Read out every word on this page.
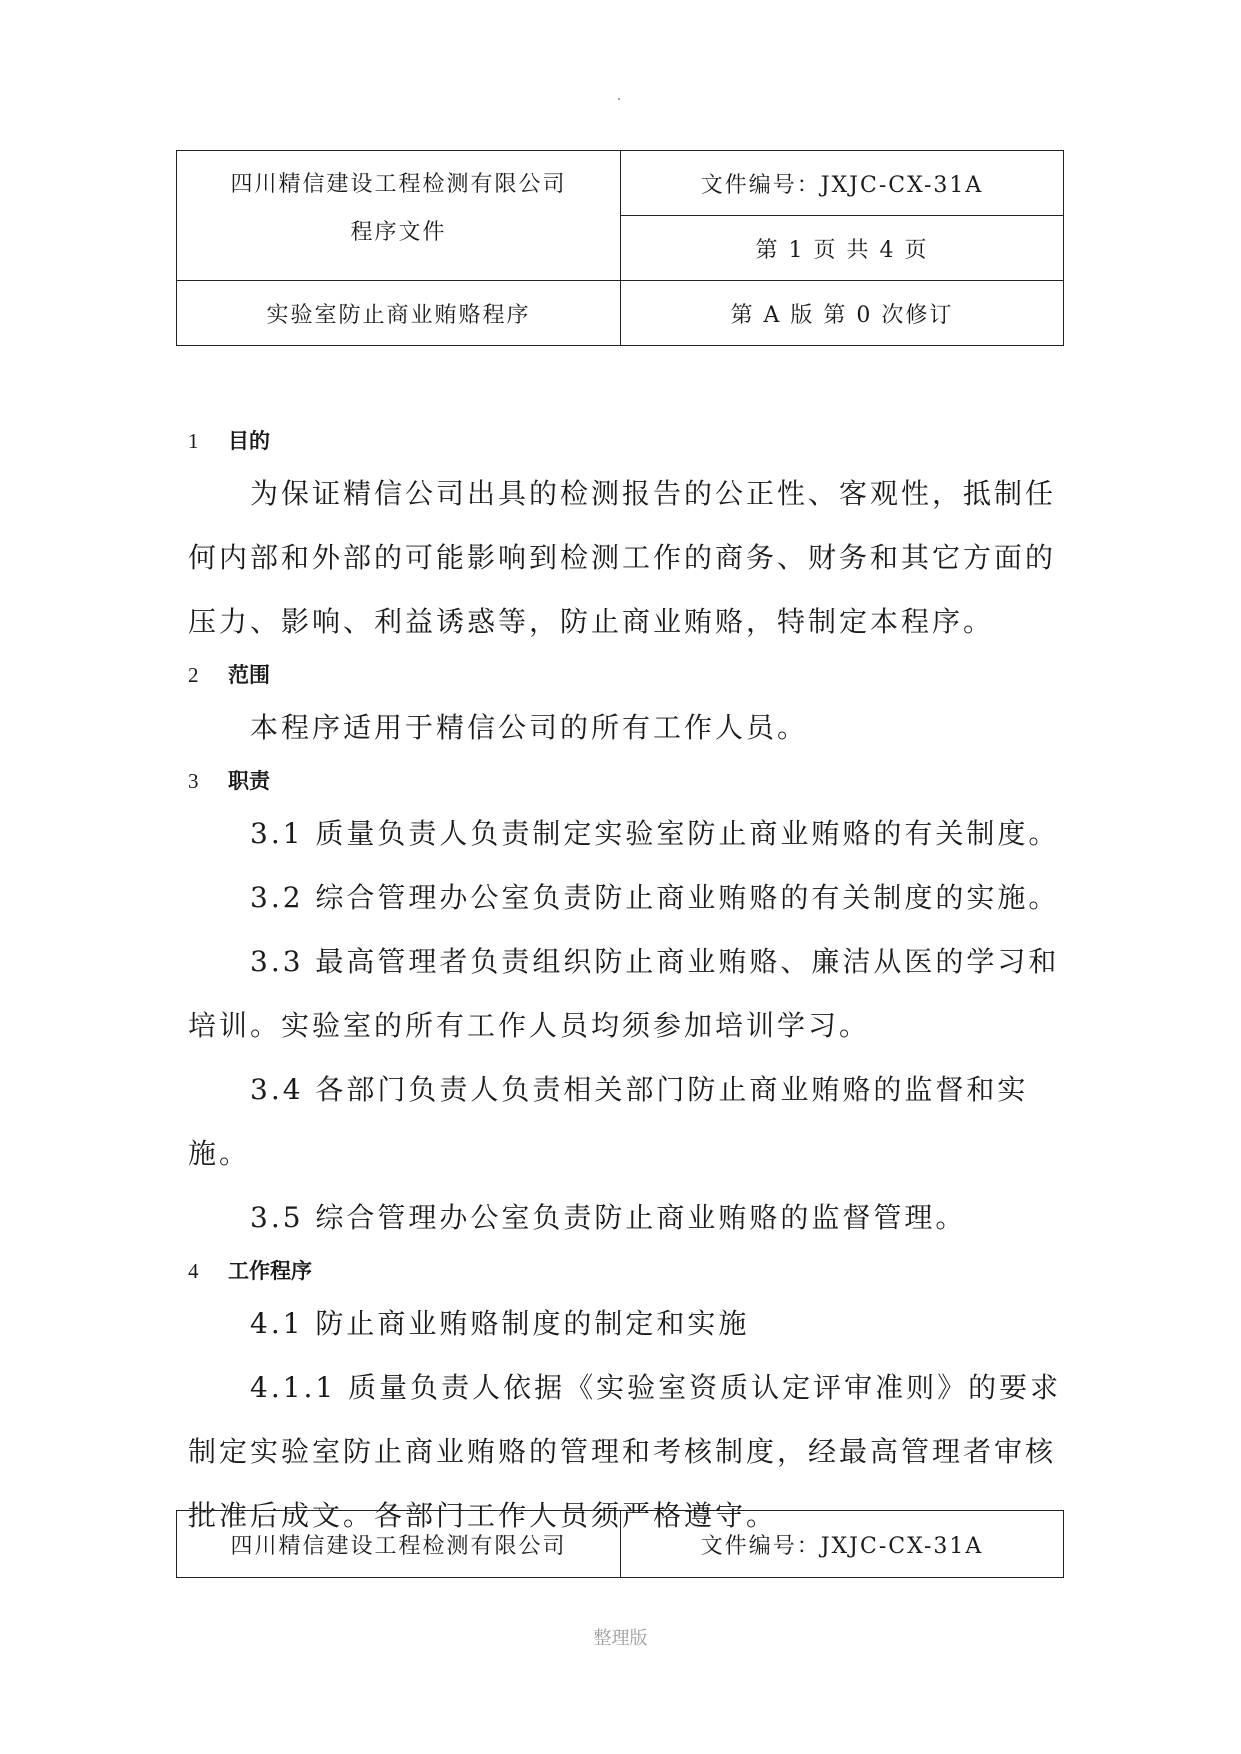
四川精信建设工程检测有限公司
程序文件	文件编号：JXJC-CX-31A
	第 1 页 共 4 页
实验室防止商业贿赂程序	第 A 版 第 0 次修订

1 目的

为保证精信公司出具的检测报告的公正性、客观性，抵制任何内部和外部的可能影响到检测工作的商务、财务和其它方面的压力、影响、利益诱惑等，防止商业贿赂，特制定本程序。

2 范围

本程序适用于精信公司的所有工作人员。

3 职责

3.1 质量负责人负责制定实验室防止商业贿赂的有关制度。

3.2 综合管理办公室负责防止商业贿赂的有关制度的实施。

3.3 最高管理者负责组织防止商业贿赂、廉洁从医的学习和培训。实验室的所有工作人员均须参加培训学习。

3.4 各部门负责人负责相关部门防止商业贿赂的监督和实施。

3.5 综合管理办公室负责防止商业贿赂的监督管理。

4 工作程序

4.1 防止商业贿赂制度的制定和实施

4.1.1 质量负责人依据《实验室资质认定评审准则》的要求制定实验室防止商业贿赂的管理和考核制度，经最高管理者审核批准后成文。各部门工作人员须严格遵守。

四川精信建设工程检测有限公司	文件编号：JXJC-CX-31A
整理版
